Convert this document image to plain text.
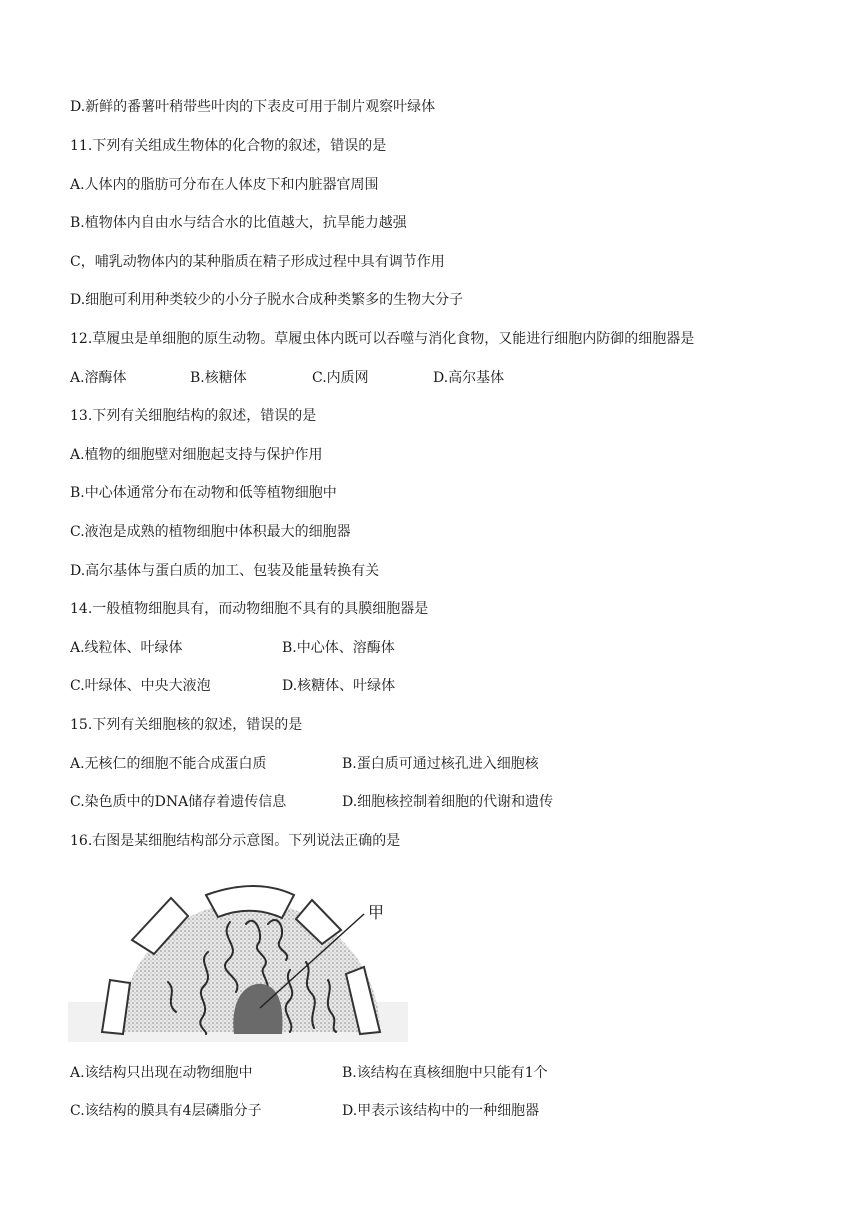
D.新鲜的番薯叶稍带些叶肉的下表皮可用于制片观察叶绿体
11.下列有关组成生物体的化合物的叙述，错误的是
A.人体内的脂肪可分布在人体皮下和内脏器官周围
B.植物体内自由水与结合水的比值越大，抗旱能力越强
C，哺乳动物体内的某种脂质在精子形成过程中具有调节作用
D.细胞可利用种类较少的小分子脱水合成种类繁多的生物大分子
12.草履虫是单细胞的原生动物。草履虫体内既可以吞噬与消化食物，又能进行细胞内防御的细胞器是
A.溶酶体	B.核糖体	C.内质网	D.高尔基体
13.下列有关细胞结构的叙述，错误的是
A.植物的细胞壁对细胞起支持与保护作用
B.中心体通常分布在动物和低等植物细胞中
C.液泡是成熟的植物细胞中体积最大的细胞器
D.高尔基体与蛋白质的加工、包装及能量转换有关
14.一般植物细胞具有，而动物细胞不具有的具膜细胞器是
A.线粒体、叶绿体	B.中心体、溶酶体
C.叶绿体、中央大液泡	D.核糖体、叶绿体
15.下列有关细胞核的叙述，错误的是
A.无核仁的细胞不能合成蛋白质	B.蛋白质可通过核孔进入细胞核
C.染色质中的DNA储存着遗传信息	D.细胞核控制着细胞的代谢和遗传
16.右图是某细胞结构部分示意图。下列说法正确的是
甲
A.该结构只出现在动物细胞中	B.该结构在真核细胞中只能有1个
C.该结构的膜具有4层磷脂分子	D.甲表示该结构中的一种细胞器
